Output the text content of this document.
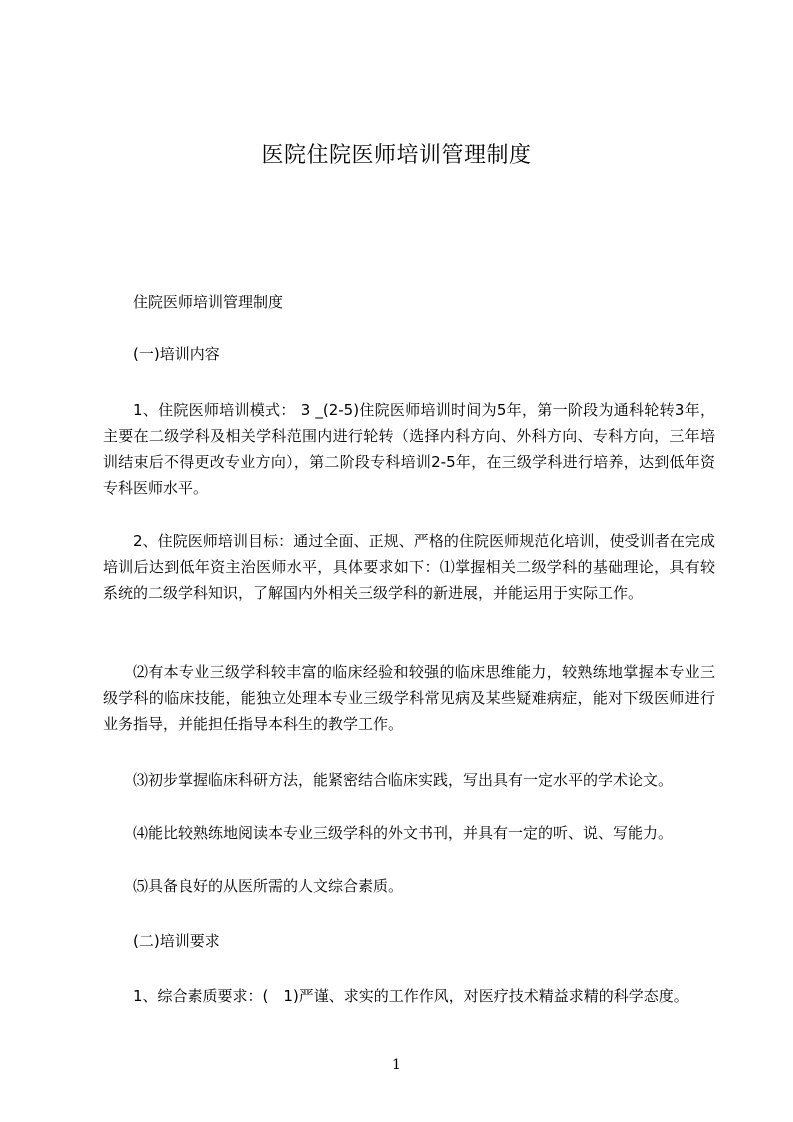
医院住院医师培训管理制度
住院医师培训管理制度
(一)培训内容
1、住院医师培训模式： 3 _(2-5)住院医师培训时间为5年，第一阶段为通科轮转3年，主要在二级学科及相关学科范围内进行轮转（选择内科方向、外科方向、专科方向，三年培训结束后不得更改专业方向），第二阶段专科培训2-5年，在三级学科进行培养，达到低年资专科医师水平。
2、住院医师培训目标：通过全面、正规、严格的住院医师规范化培训，使受训者在完成培训后达到低年资主治医师水平，具体要求如下：⑴掌握相关二级学科的基础理论，具有较系统的二级学科知识，了解国内外相关三级学科的新进展，并能运用于实际工作。
⑵有本专业三级学科较丰富的临床经验和较强的临床思维能力，较熟练地掌握本专业三级学科的临床技能，能独立处理本专业三级学科常见病及某些疑难病症，能对下级医师进行业务指导，并能担任指导本科生的教学工作。
⑶初步掌握临床科研方法，能紧密结合临床实践，写出具有一定水平的学术论文。
⑷能比较熟练地阅读本专业三级学科的外文书刊，并具有一定的听、说、写能力。
⑸具备良好的从医所需的人文综合素质。
(二)培训要求
1、综合素质要求：(　1)严谨、求实的工作作风，对医疗技术精益求精的科学态度。
1
